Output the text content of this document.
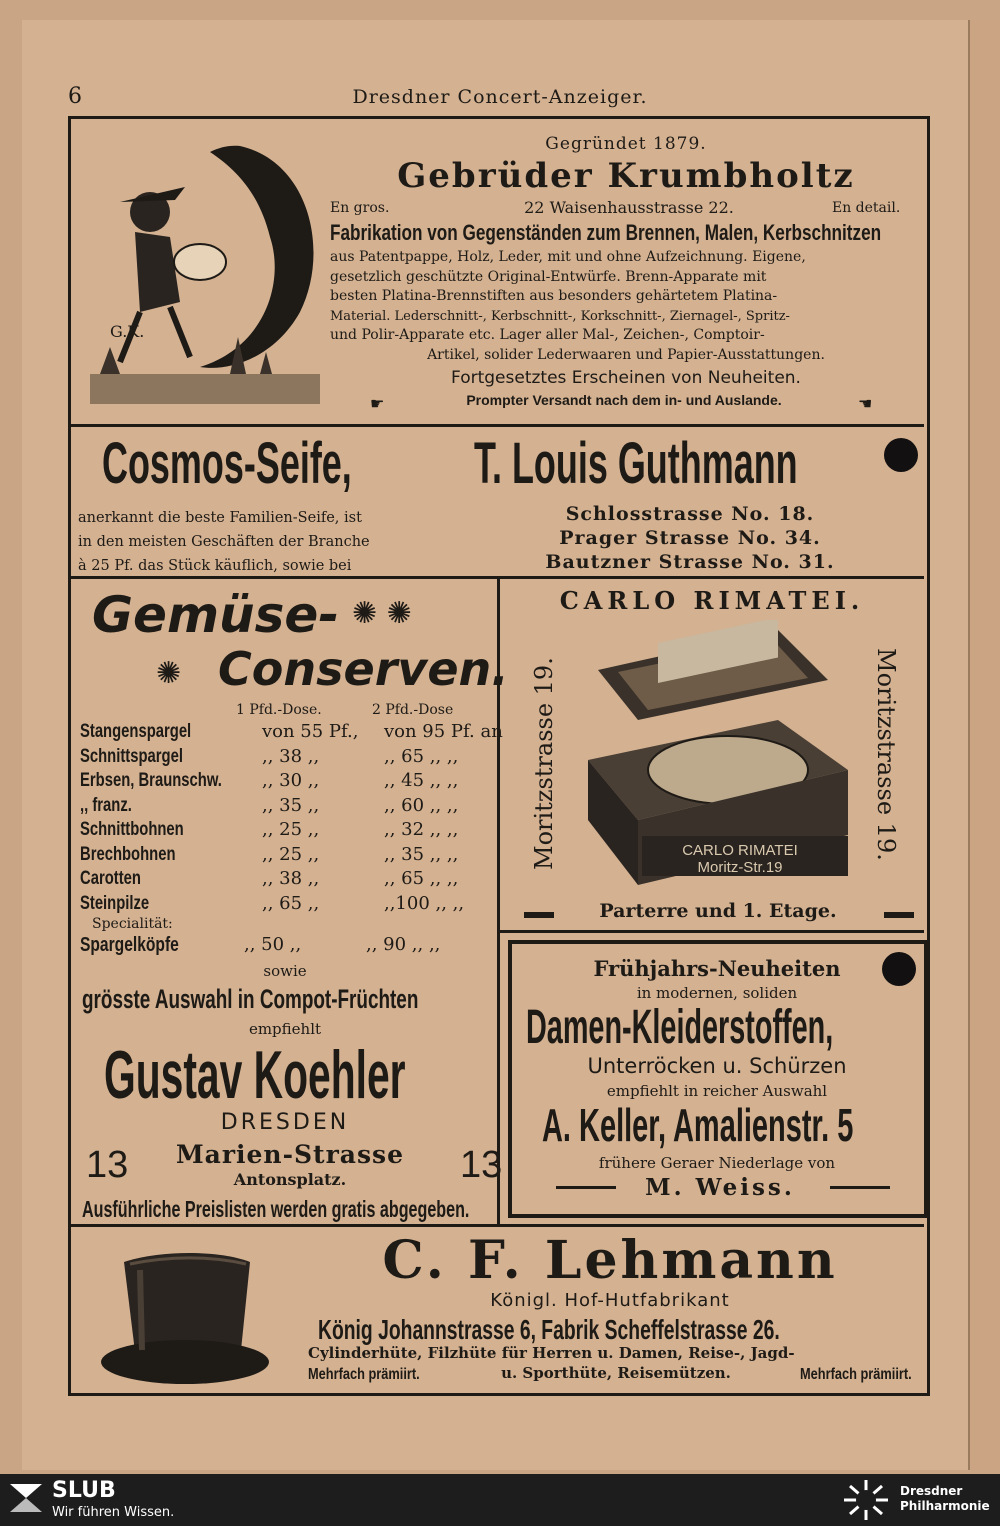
6	Dresdner Concert-Anzeiger.
G.K.
Gegründet 1879.
Gebrüder Krumbholtz
En gros.	22 Waisenhausstrasse 22.	En detail.
Fabrikation von Gegenständen zum Brennen, Malen, Kerbschnitzen
aus Patentpappe, Holz, Leder, mit und ohne Aufzeichnung. Eigene,
gesetzlich geschützte Original-Entwürfe. Brenn-Apparate mit
besten Platina-Brennstiften aus besonders gehärtetem Platina-
Material. Lederschnitt-, Kerbschnitt-, Korkschnitt-, Ziernagel-, Spritz-
und Polir-Apparate etc. Lager aller Mal-, Zeichen-, Comptoir-
Artikel, solider Lederwaaren und Papier-Ausstattungen.
Fortgesetztes Erscheinen von Neuheiten.
☛	Prompter Versandt nach dem in- und Auslande.	☚
Cosmos-Seife, T. Louis Guthmann
anerkannt die beste Familien-Seife, ist
in den meisten Geschäften der Branche
à 25 Pf. das Stück käuflich, sowie bei
Schlosstrasse No. 18.
Prager Strasse No. 34.
Bautzner Strasse No. 31.
Gemüse- ✺ ✺
✺ Conserven.
1 Pfd.-Dose.	2 Pfd.-Dose
Stangenspargel	von 55 Pf.,	von 95 Pf. an
Schnittspargel	,, 38 ,,	,, 65 ,, ,,
Erbsen, Braunschw.	,, 30 ,,	,, 45 ,, ,,
,, franz.	,, 35 ,,	,, 60 ,, ,,
Schnittbohnen	,, 25 ,,	,, 32 ,, ,,
Brechbohnen	,, 25 ,,	,, 35 ,, ,,
Carotten	,, 38 ,,	,, 65 ,, ,,
Steinpilze	,, 65 ,,	,,100 ,, ,,
Specialität:
Spargelköpfe	,, 50 ,,	,, 90 ,, ,,
sowie
grösste Auswahl in Compot-Früchten
empfiehlt
Gustav Koehler
DRESDEN
13	Marien-Strasse	13
Antonsplatz.
Ausführliche Preislisten werden gratis abgegeben.
CARLO RIMATEI.
Moritzstrasse 19.	Moritzstrasse 19.
CARLO RIMATEI
Moritz-Str.19
Parterre und 1. Etage.
Frühjahrs-Neuheiten
in modernen, soliden
Damen-Kleiderstoffen,
Unterröcken u. Schürzen
empfiehlt in reicher Auswahl
A. Keller, Amalienstr. 5
frühere Geraer Niederlage von
M. Weiss.
C. F. Lehmann
Königl. Hof-Hutfabrikant
König Johannstrasse 6, Fabrik Scheffelstrasse 26.
Cylinderhüte, Filzhüte für Herren u. Damen, Reise-, Jagd-
Mehrfach prämiirt.	u. Sporthüte, Reisemützen.	Mehrfach prämiirt.
SLUB
Wir führen Wissen.
Dresdner
Philharmonie
